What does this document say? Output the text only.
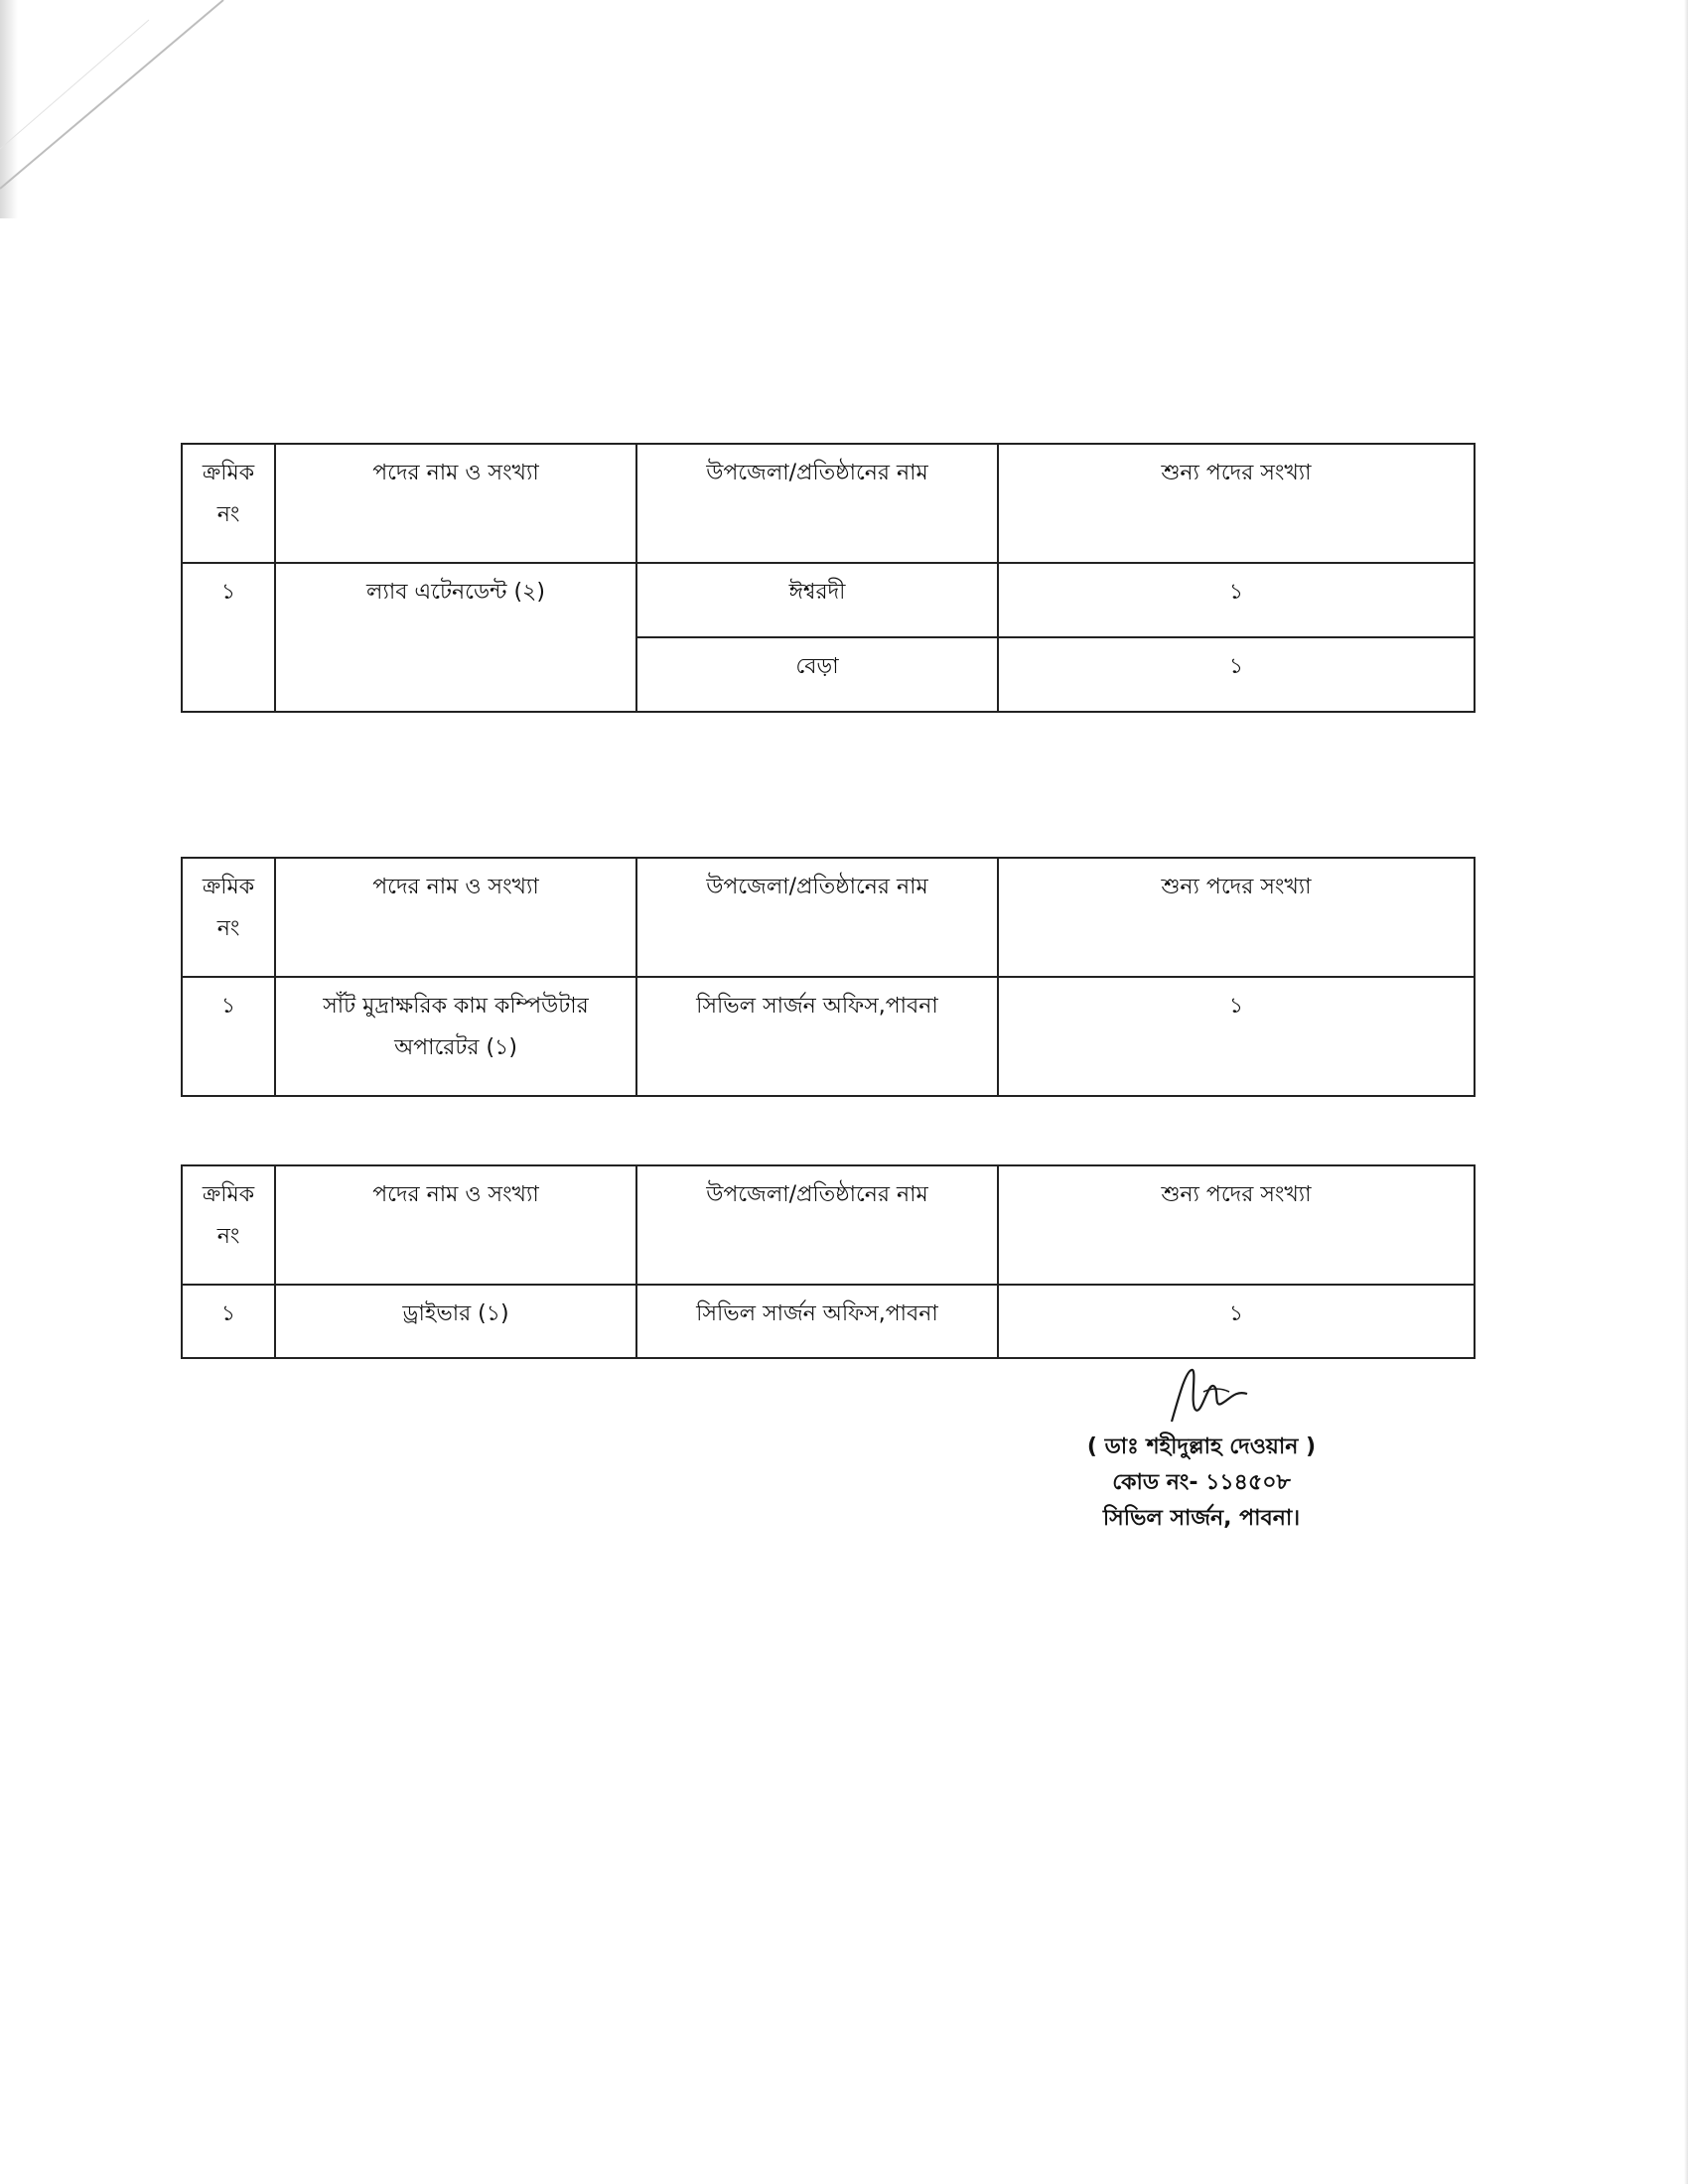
ক্রমিক নং	পদের নাম ও সংখ্যা	উপজেলা/প্রতিষ্ঠানের নাম	শুন্য পদের সংখ্যা
১	ল্যাব এটেনডেন্ট (২)	ঈশ্বরদী	১
		বেড়া	১
ক্রমিক নং	পদের নাম ও সংখ্যা	উপজেলা/প্রতিষ্ঠানের নাম	শুন্য পদের সংখ্যা
১	সাঁট মুদ্রাক্ষরিক কাম কম্পিউটার অপারেটর (১)	সিভিল সার্জন অফিস,পাবনা	১
ক্রমিক নং	পদের নাম ও সংখ্যা	উপজেলা/প্রতিষ্ঠানের নাম	শুন্য পদের সংখ্যা
১	ড্রাইভার (১)	সিভিল সার্জন অফিস,পাবনা	১
( ডাঃ শহীদুল্লাহ দেওয়ান )
কোড নং- ১১৪৫০৮
সিভিল সার্জন, পাবনা।
